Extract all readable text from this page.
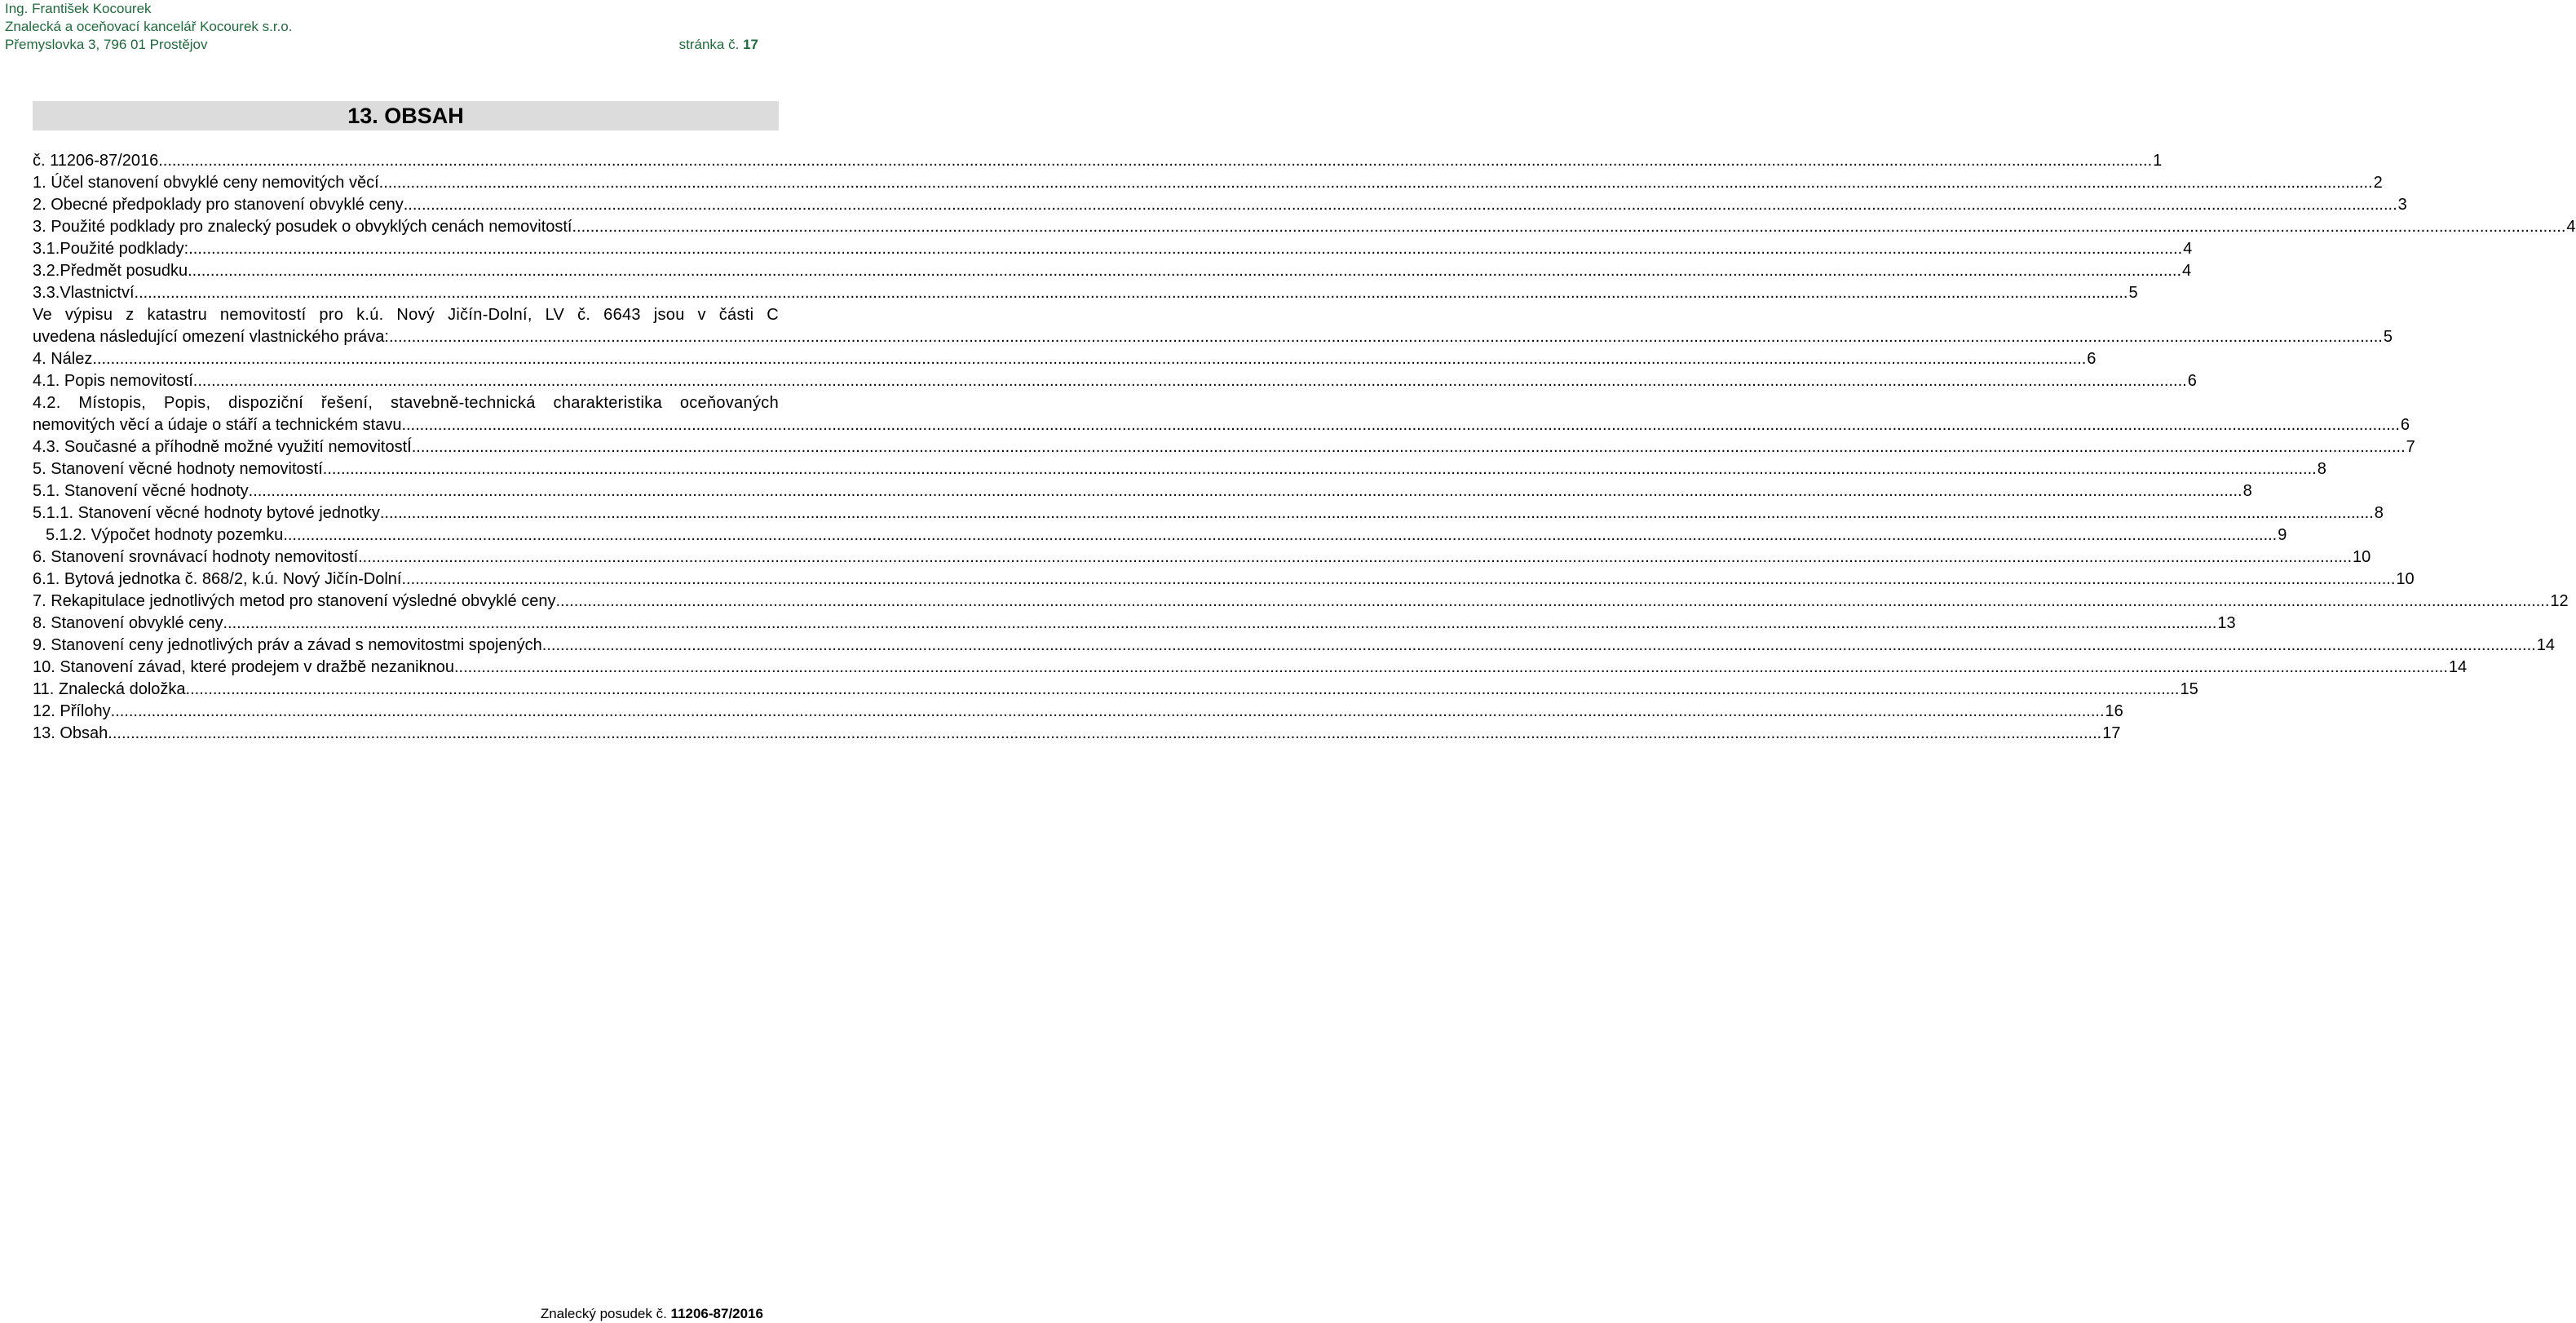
Ing. František Kocourek
Znalecká a oceňovací kancelář Kocourek s.r.o.
Přemyslovka 3, 796 01 Prostějov	stránka č. 17
13. OBSAH
č. 11206-87/2016 .....	1
1. Účel stanovení obvyklé ceny nemovitých věcí .....	2
2. Obecné předpoklady pro stanovení obvyklé ceny .....	3
3. Použité podklady pro znalecký posudek o obvyklých cenách nemovitostí .....	4
3.1. Použité podklady: .....	4
3.2. Předmět posudku .....	4
3.3. Vlastnictví .....	5
Ve výpisu z katastru nemovitostí pro k.ú. Nový Jičín-Dolní, LV č. 6643 jsou v části C
uvedena následující omezení vlastnického práva: .....	5
4. Nález .....	6
4.1. Popis nemovitostí .....	6
4.2. Místopis, Popis, dispoziční řešení, stavebně-technická charakteristika oceňovaných
nemovitých věcí a údaje o stáří a technickém stavu. .....	6
4.3. Současné a příhodně možné využití nemovitostÍ .....	7
5. Stanovení věcné hodnoty nemovitostí .....	8
5.1. Stanovení věcné hodnoty .....	8
5.1.1. Stanovení věcné hodnoty bytové jednotky .....	8
5.1.2. Výpočet hodnoty pozemku .....	9
6. Stanovení srovnávací hodnoty nemovitostí .....	10
6.1. Bytová jednotka č. 868/2, k.ú. Nový Jičín-Dolní .....	10
7. Rekapitulace jednotlivých metod pro stanovení výsledné obvyklé ceny .....	12
8. Stanovení obvyklé ceny .....	13
9. Stanovení ceny jednotlivých práv a závad s nemovitostmi spojených .....	14
10. Stanovení závad, které prodejem v dražbě nezaniknou .....	14
11. Znalecká doložka .....	15
12. Přílohy .....	16
13. Obsah .....	17
Znalecký posudek č. 11206-87/2016
